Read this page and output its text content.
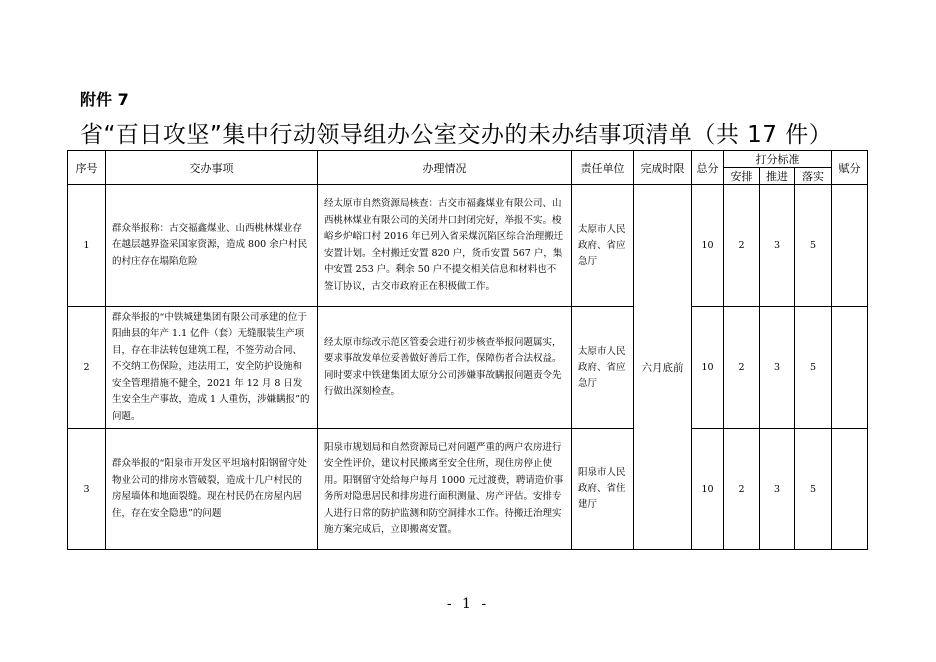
附件 7
省“百日攻坚”集中行动领导组办公室交办的未办结事项清单（共 17 件）
序号	交办事项	办理情况	责任单位	完成时限	总分	打分标准			赋分
						安排	推进	落实	
1	群众举报称：古交福鑫煤业、山西桃林煤业存在越层越界盗采国家资源，造成 800 余户村民的村庄存在塌陷危险	经太原市自然资源局核查：古交市福鑫煤业有限公司、山西桃林煤业有限公司的关闭井口封闭完好，举报不实。梭峪乡炉峪口村 2016 年已列入省采煤沉陷区综合治理搬迁安置计划。全村搬迁安置 820 户，货币安置 567 户，集中安置 253 户。剩余 50 户不提交相关信息和材料也不签订协议，古交市政府正在积极做工作。	太原市人民政府、省应急厅	六月底前	10	2	3	5	
2	群众举报的“中铁城建集团有限公司承建的位于阳曲县的年产 1.1 亿件（套）无缝服装生产项目，存在非法转包建筑工程，不签劳动合同、不交纳工伤保险，违法用工，安全防护设施和安全管理措施不健全，2021 年 12 月 8 日发生安全生产事故，造成 1 人重伤，涉嫌瞒报”的问题。	经太原市综改示范区管委会进行初步核查举报问题属实，要求事故发单位妥善做好善后工作，保障伤者合法权益。同时要求中铁建集团太原分公司涉嫌事故瞒报问题责令先行做出深刻检查。	太原市人民政府、省应急厅		10	2	3	5	
3	群众举报的“阳泉市开发区平坦垴村阳钢留守处物业公司的排房水管破裂，造成十几户村民的房屋墙体和地面裂缝。现在村民仍在房屋内居住，存在安全隐患”的问题	阳泉市规划局和自然资源局已对问题严重的两户农房进行安全性评价，建议村民搬离至安全住所，现住房停止使用。阳钢留守处给每户每月 1000 元过渡费，聘请造价事务所对隐患居民和排房进行面积测量、房产评估。安排专人进行日常的防护监测和防空洞排水工作。待搬迁治理实施方案完成后，立即搬离安置。	阳泉市人民政府、省住建厅		10	2	3	5	
- 1 -
